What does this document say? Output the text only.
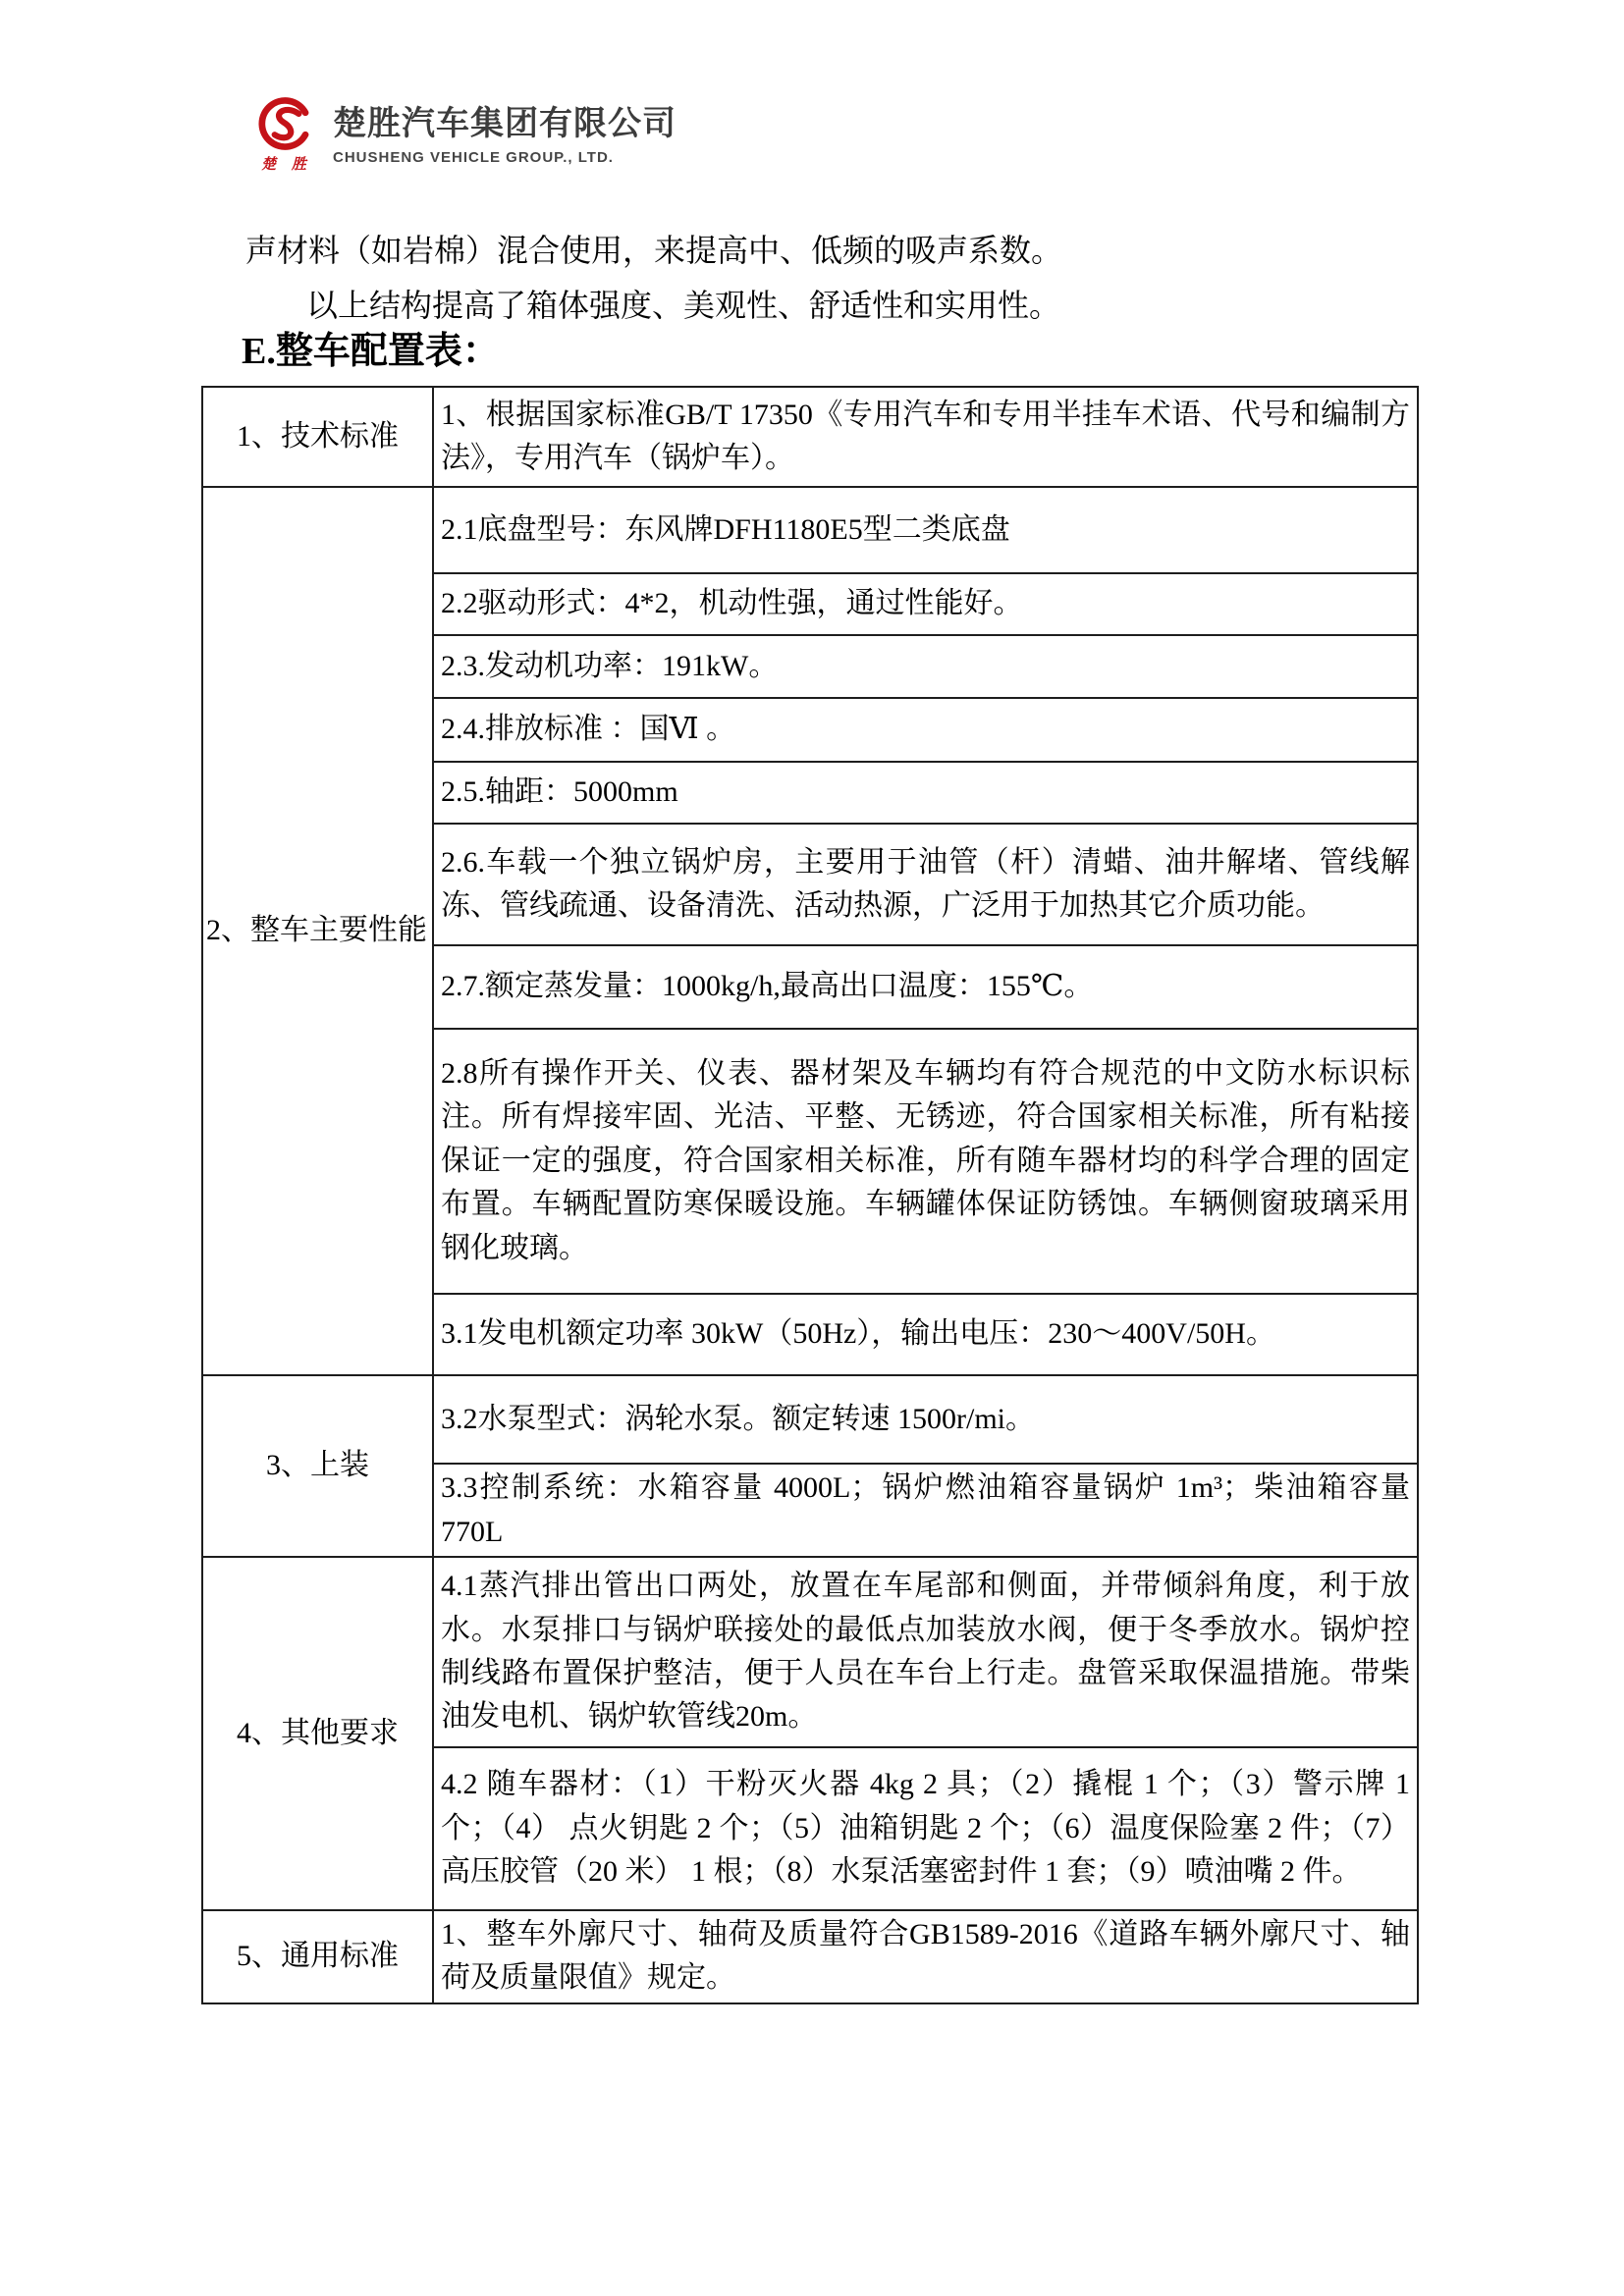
楚 胜
楚胜汽车集团有限公司
CHUSHENG VEHICLE GROUP., LTD.

声材料（如岩棉）混合使用，来提高中、低频的吸声系数。

以上结构提高了箱体强度、美观性、舒适性和实用性。

E.整车配置表：
1、技术标准	1、根据国家标准GB/T 17350《专用汽车和专用半挂车术语、代号和编制方法》，专用汽车（锅炉车）。
2、整车主要性能	2.1底盘型号：东风牌DFH1180E5型二类底盘
	2.2驱动形式：4*2，机动性强，通过性能好。
	2.3.发动机功率：191kW。
	2.4.排放标准 ：国Ⅵ 。
	2.5.轴距：5000mm
	2.6.车载一个独立锅炉房，主要用于油管（杆）清蜡、油井解堵、管线解冻、管线疏通、设备清洗、活动热源，广泛用于加热其它介质功能。
	2.7.额定蒸发量：1000kg/h,最高出口温度：155℃。
	2.8所有操作开关、仪表、器材架及车辆均有符合规范的中文防水标识标注。所有焊接牢固、光洁、平整、无锈迹，符合国家相关标准，所有粘接保证一定的强度，符合国家相关标准，所有随车器材均的科学合理的固定布置。车辆配置防寒保暖设施。车辆罐体保证防锈蚀。车辆侧窗玻璃采用钢化玻璃。
	3.1发电机额定功率 30kW（50Hz），输出电压：230～400V/50H。
3、上装	3.2水泵型式：涡轮水泵。额定转速 1500r/mi。
	3.3控制系统：水箱容量 4000L；锅炉燃油箱容量锅炉 1m³；柴油箱容量 770L
4、其他要求	4.1蒸汽排出管出口两处，放置在车尾部和侧面，并带倾斜角度，利于放水。水泵排口与锅炉联接处的最低点加装放水阀，便于冬季放水。锅炉控制线路布置保护整洁，便于人员在车台上行走。盘管采取保温措施。带柴油发电机、锅炉软管线20m。
	4.2 随车器材：（1）干粉灭火器 4kg 2 具；（2）撬棍 1 个；（3）警示牌 1 个；（4） 点火钥匙 2 个；（5）油箱钥匙 2 个；（6）温度保险塞 2 件；（7） 高压胶管（20 米） 1 根；（8）水泵活塞密封件 1 套；（9）喷油嘴 2 件。
5、通用标准	1、整车外廓尺寸、轴荷及质量符合GB1589-2016《道路车辆外廓尺寸、轴荷及质量限值》规定。
